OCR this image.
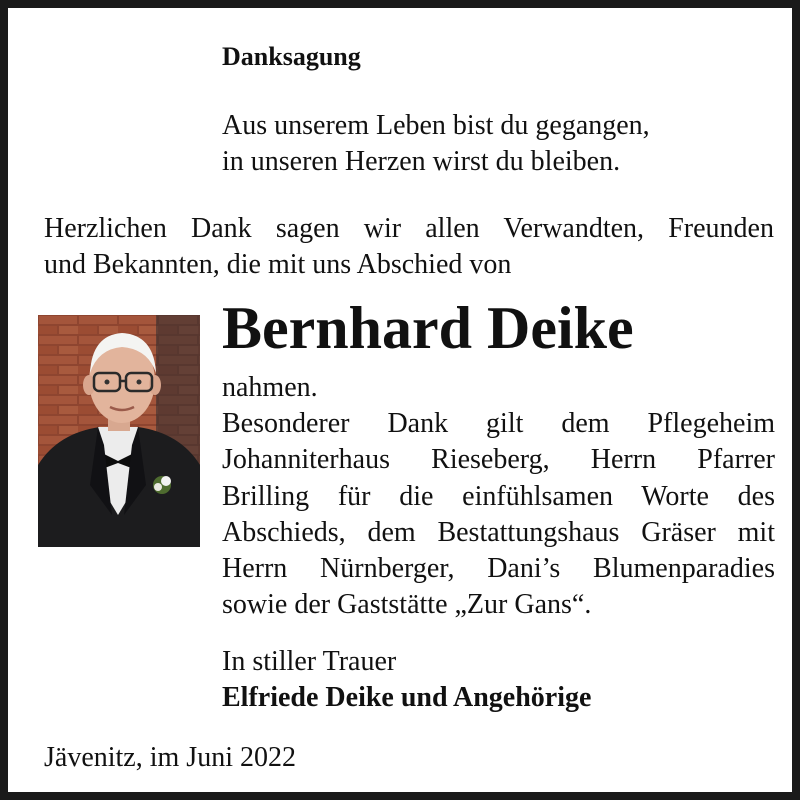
Danksagung
Aus unserem Leben bist du gegangen,
in unseren Herzen wirst du bleiben.
Herzlichen Dank sagen wir allen Verwandten, Freunden
und Bekannten, die mit uns Abschied von
Bernhard Deike
nahmen.
Besonderer Dank gilt dem Pflegeheim
Johanniterhaus Rieseberg, Herrn Pfarrer
Brilling für die einfühlsamen Worte des
Abschieds, dem Bestattungshaus Gräser mit
Herrn Nürnberger, Dani’s Blumenparadies
sowie der Gaststätte „Zur Gans“.
In stiller Trauer
Elfriede Deike und Angehörige
Jävenitz, im Juni 2022
